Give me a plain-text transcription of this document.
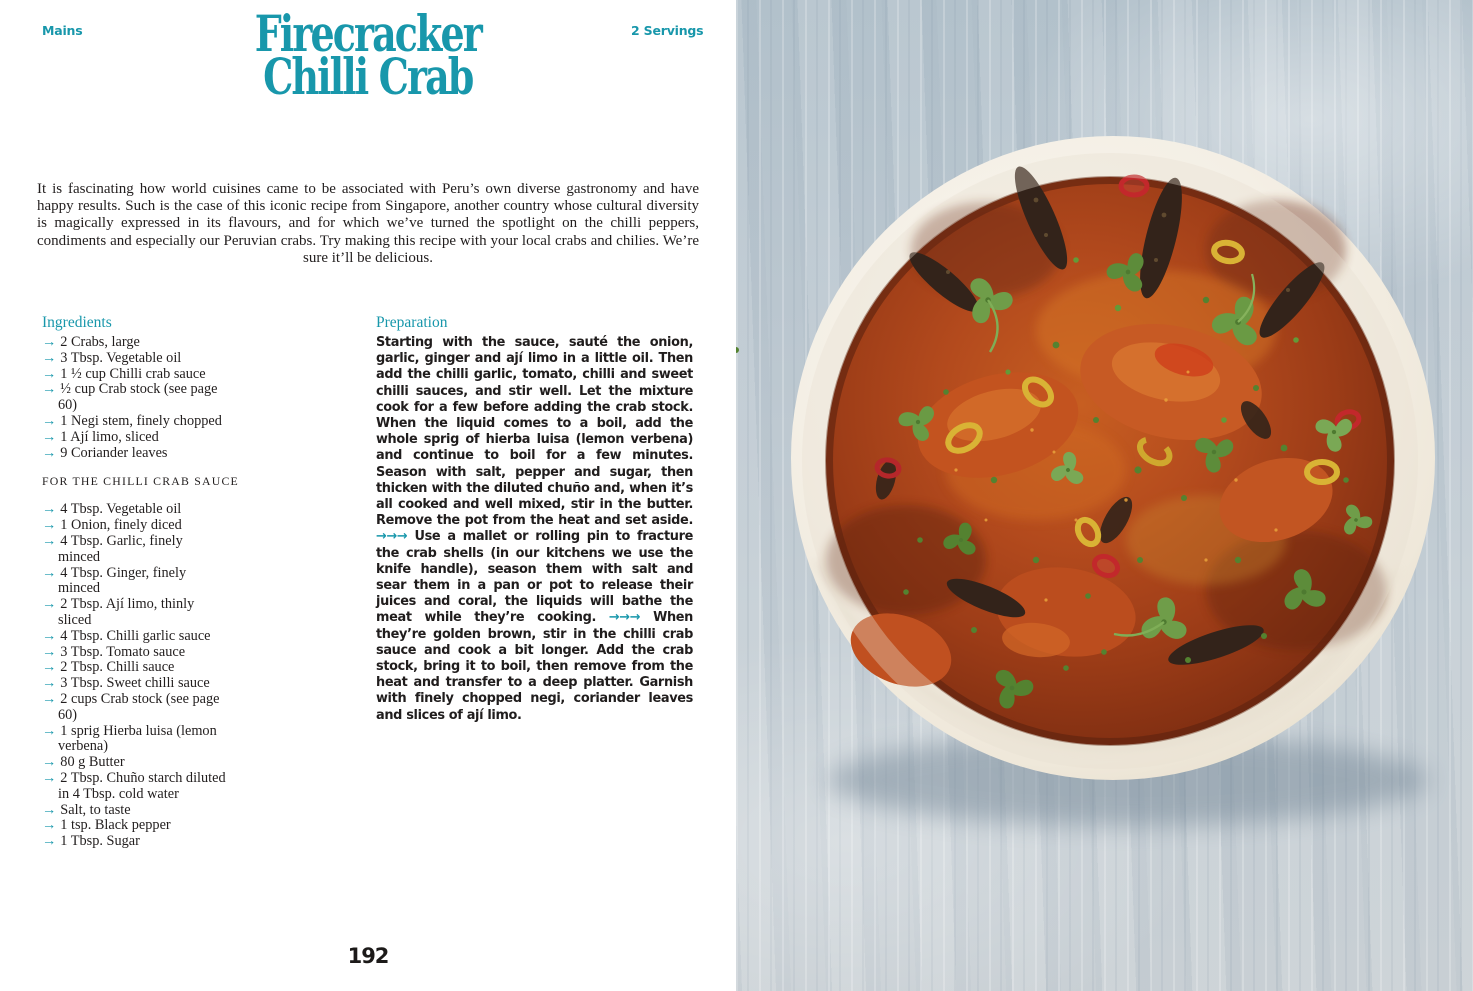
Mains	2 Servings
Firecracker
Chilli Crab

It is fascinating how world cuisines came to be associated with Peru’s own diverse gastronomy and have happy results. Such is the case of this iconic recipe from Singapore, another country whose cultural diversity is magically expressed in its flavours, and for which we’ve turned the spotlight on the chilli peppers, condiments and especially our Peruvian crabs. Try making this recipe with your local crabs and chilies. We’re sure it’ll be delicious.

Ingredients
→ 2 Crabs, large
→ 3 Tbsp. Vegetable oil
→ 1 ½ cup Chilli crab sauce
→ ½ cup Crab stock (see page 60)
→ 1 Negi stem, finely chopped
→ 1 Ají limo, sliced
→ 9 Coriander leaves
FOR THE CHILLI CRAB SAUCE
→ 4 Tbsp. Vegetable oil
→ 1 Onion, finely diced
→ 4 Tbsp. Garlic, finely minced
→ 4 Tbsp. Ginger, finely minced
→ 2 Tbsp. Ají limo, thinly sliced
→ 4 Tbsp. Chilli garlic sauce
→ 3 Tbsp. Tomato sauce
→ 2 Tbsp. Chilli sauce
→ 3 Tbsp. Sweet chilli sauce
→ 2 cups Crab stock (see page 60)
→ 1 sprig Hierba luisa (lemon verbena)
→ 80 g Butter
→ 2 Tbsp. Chuño starch diluted in 4 Tbsp. cold water
→ Salt, to taste
→ 1 tsp. Black pepper
→ 1 Tbsp. Sugar
Preparation

Starting with the sauce, sauté the onion, garlic, ginger and ají limo in a little oil. Then add the chilli garlic, tomato, chilli and sweet chilli sauces, and stir well. Let the mixture cook for a few before adding the crab stock. When the liquid comes to a boil, add the whole sprig of hierba luisa (lemon verbena) and continue to boil for a few minutes. Season with salt, pepper and sugar, then thicken with the diluted chuño and, when it’s all cooked and well mixed, stir in the butter. Remove the pot from the heat and set aside. →→→ Use a mallet or rolling pin to fracture the crab shells (in our kitchens we use the knife handle), season them with salt and sear them in a pan or pot to release their juices and coral, the liquids will bathe the meat while they’re cooking. →→→ When they’re golden brown, stir in the chilli crab sauce and cook a bit longer. Add the crab stock, bring it to boil, then remove from the heat and transfer to a deep platter. Garnish with finely chopped negi, coriander leaves and slices of ají limo.

192
